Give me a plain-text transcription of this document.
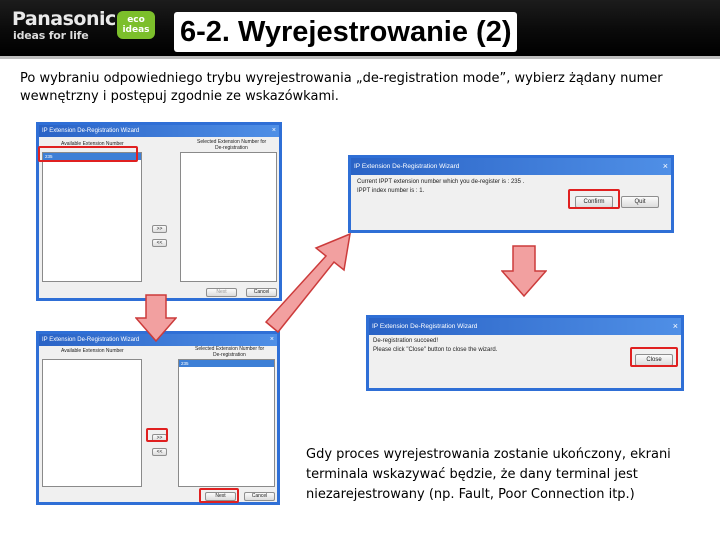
Panasonic
ideas for life
eco
ideas 6-2. Wyrejestrowanie (2)
Po wybraniu odpowiedniego trybu wyrejestrowania „de-registration mode”, wybierz żądany numer wewnętrzny i postępuj zgodnie ze wskazówkami.
IP Extension De-Registration Wizard	×
Available Extension Number	Selected Extension Number for
De-registration
235
>>
<<
Next	Cancel
IP Extension De-Registration Wizard	×
Available Extension Number	Selected Extension Number for
De-registration
235
>>
<<
Next	Cancel
IP Extension De-Registration Wizard	×
Current IPPT extension number which you de-register is : 235 .
IPPT index number is : 1.
Confirm	Quit
IP Extension De-Registration Wizard	×
De-registration succeed!
Please click "Close" button to close the wizard.
Close
Gdy proces wyrejestrowania zostanie ukończony, ekrani terminala wskazywać będzie, że dany terminal jest niezarejestrowany (np. Fault, Poor Connection itp.)
